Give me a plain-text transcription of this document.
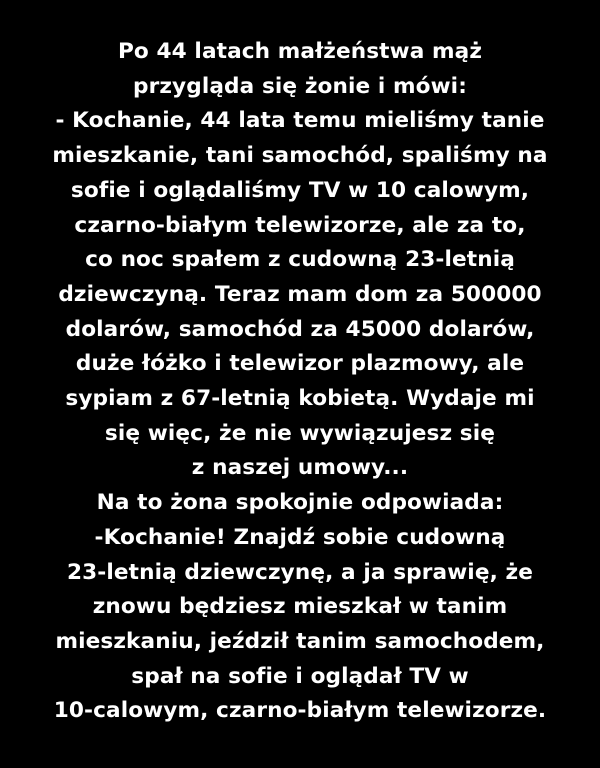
Po 44 latach małżeństwa mąż
przygląda się żonie i mówi:
- Kochanie, 44 lata temu mieliśmy tanie
mieszkanie, tani samochód, spaliśmy na
sofie i oglądaliśmy TV w 10 calowym,
czarno-białym telewizorze, ale za to,
co noc spałem z cudowną 23-letnią
dziewczyną. Teraz mam dom za 500000
dolarów, samochód za 45000 dolarów,
duże łóżko i telewizor plazmowy, ale
sypiam z 67-letnią kobietą. Wydaje mi
się więc, że nie wywiązujesz się
z naszej umowy...
Na to żona spokojnie odpowiada:
-Kochanie! Znajdź sobie cudowną
23-letnią dziewczynę, a ja sprawię, że
znowu będziesz mieszkał w tanim
mieszkaniu, jeździł tanim samochodem,
spał na sofie i oglądał TV w
10-calowym, czarno-białym telewizorze.
